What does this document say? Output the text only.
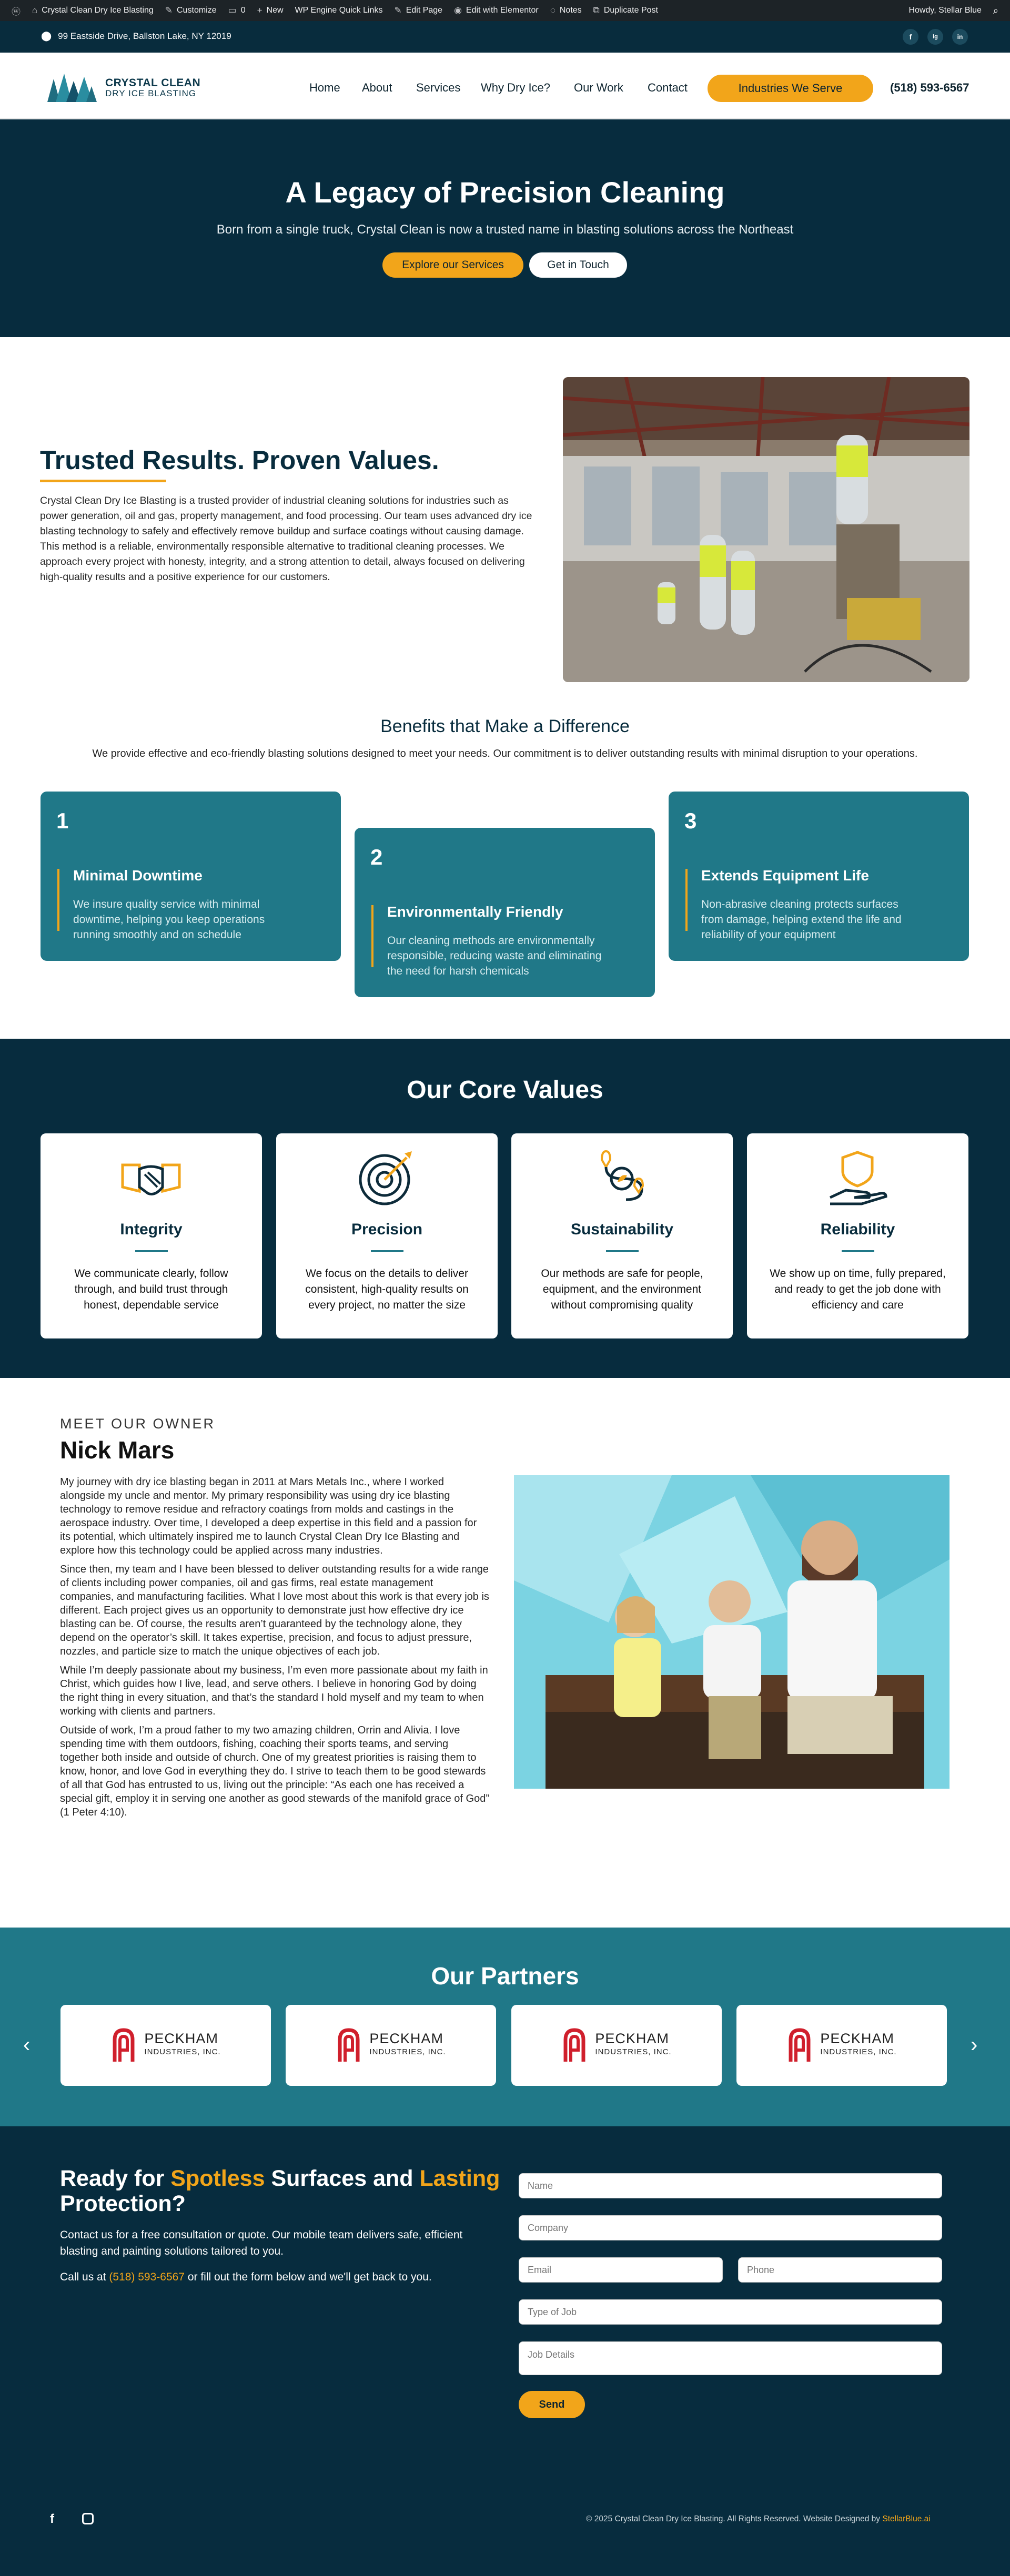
ⓦ ⌂ Crystal Clean Dry Ice Blasting ✎ Customize ▭ 0 + New WP Engine Quick Links ✎ Edit Page ◉ Edit with Elementor ◌ Notes ⧉ Duplicate Post	Howdy, Stellar Blue ⌕
⬤ 99 Eastside Drive, Ballston Lake, NY 12019	f	ig	in
CRYSTAL CLEAN
DRY ICE BLASTING	Home About Services Why Dry Ice? Our Work Contact	Industries We Serve	(518) 593-6567
A Legacy of Precision Cleaning
Born from a single truck, Crystal Clean is now a trusted name in blasting solutions across the Northeast
Explore our Services	Get in Touch
Trusted Results. Proven Values.
Crystal Clean Dry Ice Blasting is a trusted provider of industrial cleaning solutions for industries such as power generation, oil and gas, property management, and food processing. Our team uses advanced dry ice blasting technology to safely and effectively remove buildup and surface coatings without causing damage. This method is a reliable, environmentally responsible alternative to traditional cleaning processes. We approach every project with honesty, integrity, and a strong attention to detail, always focused on delivering high-quality results and a positive experience for our customers.
Benefits that Make a Difference
We provide effective and eco-friendly blasting solutions designed to meet your needs. Our commitment is to deliver outstanding results with minimal disruption to your operations.
1
Minimal Downtime
We insure quality service with minimal downtime, helping you keep operations running smoothly and on schedule
2
Environmentally Friendly
Our cleaning methods are environmentally responsible, reducing waste and eliminating the need for harsh chemicals
3
Extends Equipment Life
Non-abrasive cleaning protects surfaces from damage, helping extend the life and reliability of your equipment
Our Core Values
Integrity
We communicate clearly, follow through, and build trust through honest, dependable service
Precision
We focus on the details to deliver consistent, high-quality results on every project, no matter the size
Sustainability
Our methods are safe for people, equipment, and the environment without compromising quality
Reliability
We show up on time, fully prepared, and ready to get the job done with efficiency and care
MEET OUR OWNER
Nick Mars

My journey with dry ice blasting began in 2011 at Mars Metals Inc., where I worked alongside my uncle and mentor. My primary responsibility was using dry ice blasting technology to remove residue and refractory coatings from molds and castings in the aerospace industry. Over time, I developed a deep expertise in this field and a passion for its potential, which ultimately inspired me to launch Crystal Clean Dry Ice Blasting and explore how this technology could be applied across many industries.

Since then, my team and I have been blessed to deliver outstanding results for a wide range of clients including power companies, oil and gas firms, real estate management companies, and manufacturing facilities. What I love most about this work is that every job is different. Each project gives us an opportunity to demonstrate just how effective dry ice blasting can be. Of course, the results aren’t guaranteed by the technology alone, they depend on the operator’s skill. It takes expertise, precision, and focus to adjust pressure, nozzles, and particle size to match the unique objectives of each job.

While I’m deeply passionate about my business, I’m even more passionate about my faith in Christ, which guides how I live, lead, and serve others. I believe in honoring God by doing the right thing in every situation, and that’s the standard I hold myself and my team to when working with clients and partners.

Outside of work, I’m a proud father to my two amazing children, Orrin and Alivia. I love spending time with them outdoors, fishing, coaching their sports teams, and serving together both inside and outside of church. One of my greatest priorities is raising them to know, honor, and love God in everything they do. I strive to teach them to be good stewards of all that God has entrusted to us, living out the principle: “As each one has received a special gift, employ it in serving one another as good stewards of the manifold grace of God” (1 Peter 4:10).

Our Partners
‹	›
PECKHAM
INDUSTRIES, INC.
PECKHAM
INDUSTRIES, INC.
PECKHAM
INDUSTRIES, INC.
PECKHAM
INDUSTRIES, INC.
Ready for Spotless Surfaces and Lasting
Protection?
Contact us for a free consultation or quote. Our mobile team delivers safe, efficient blasting and painting solutions tailored to you.
Call us at (518) 593-6567 or fill out the form below and we'll get back to you.
Name
Company
Email
Phone
Type of Job
Job Details
Send
f	© 2025 Crystal Clean Dry Ice Blasting. All Rights Reserved. Website Designed by StellarBlue.ai
